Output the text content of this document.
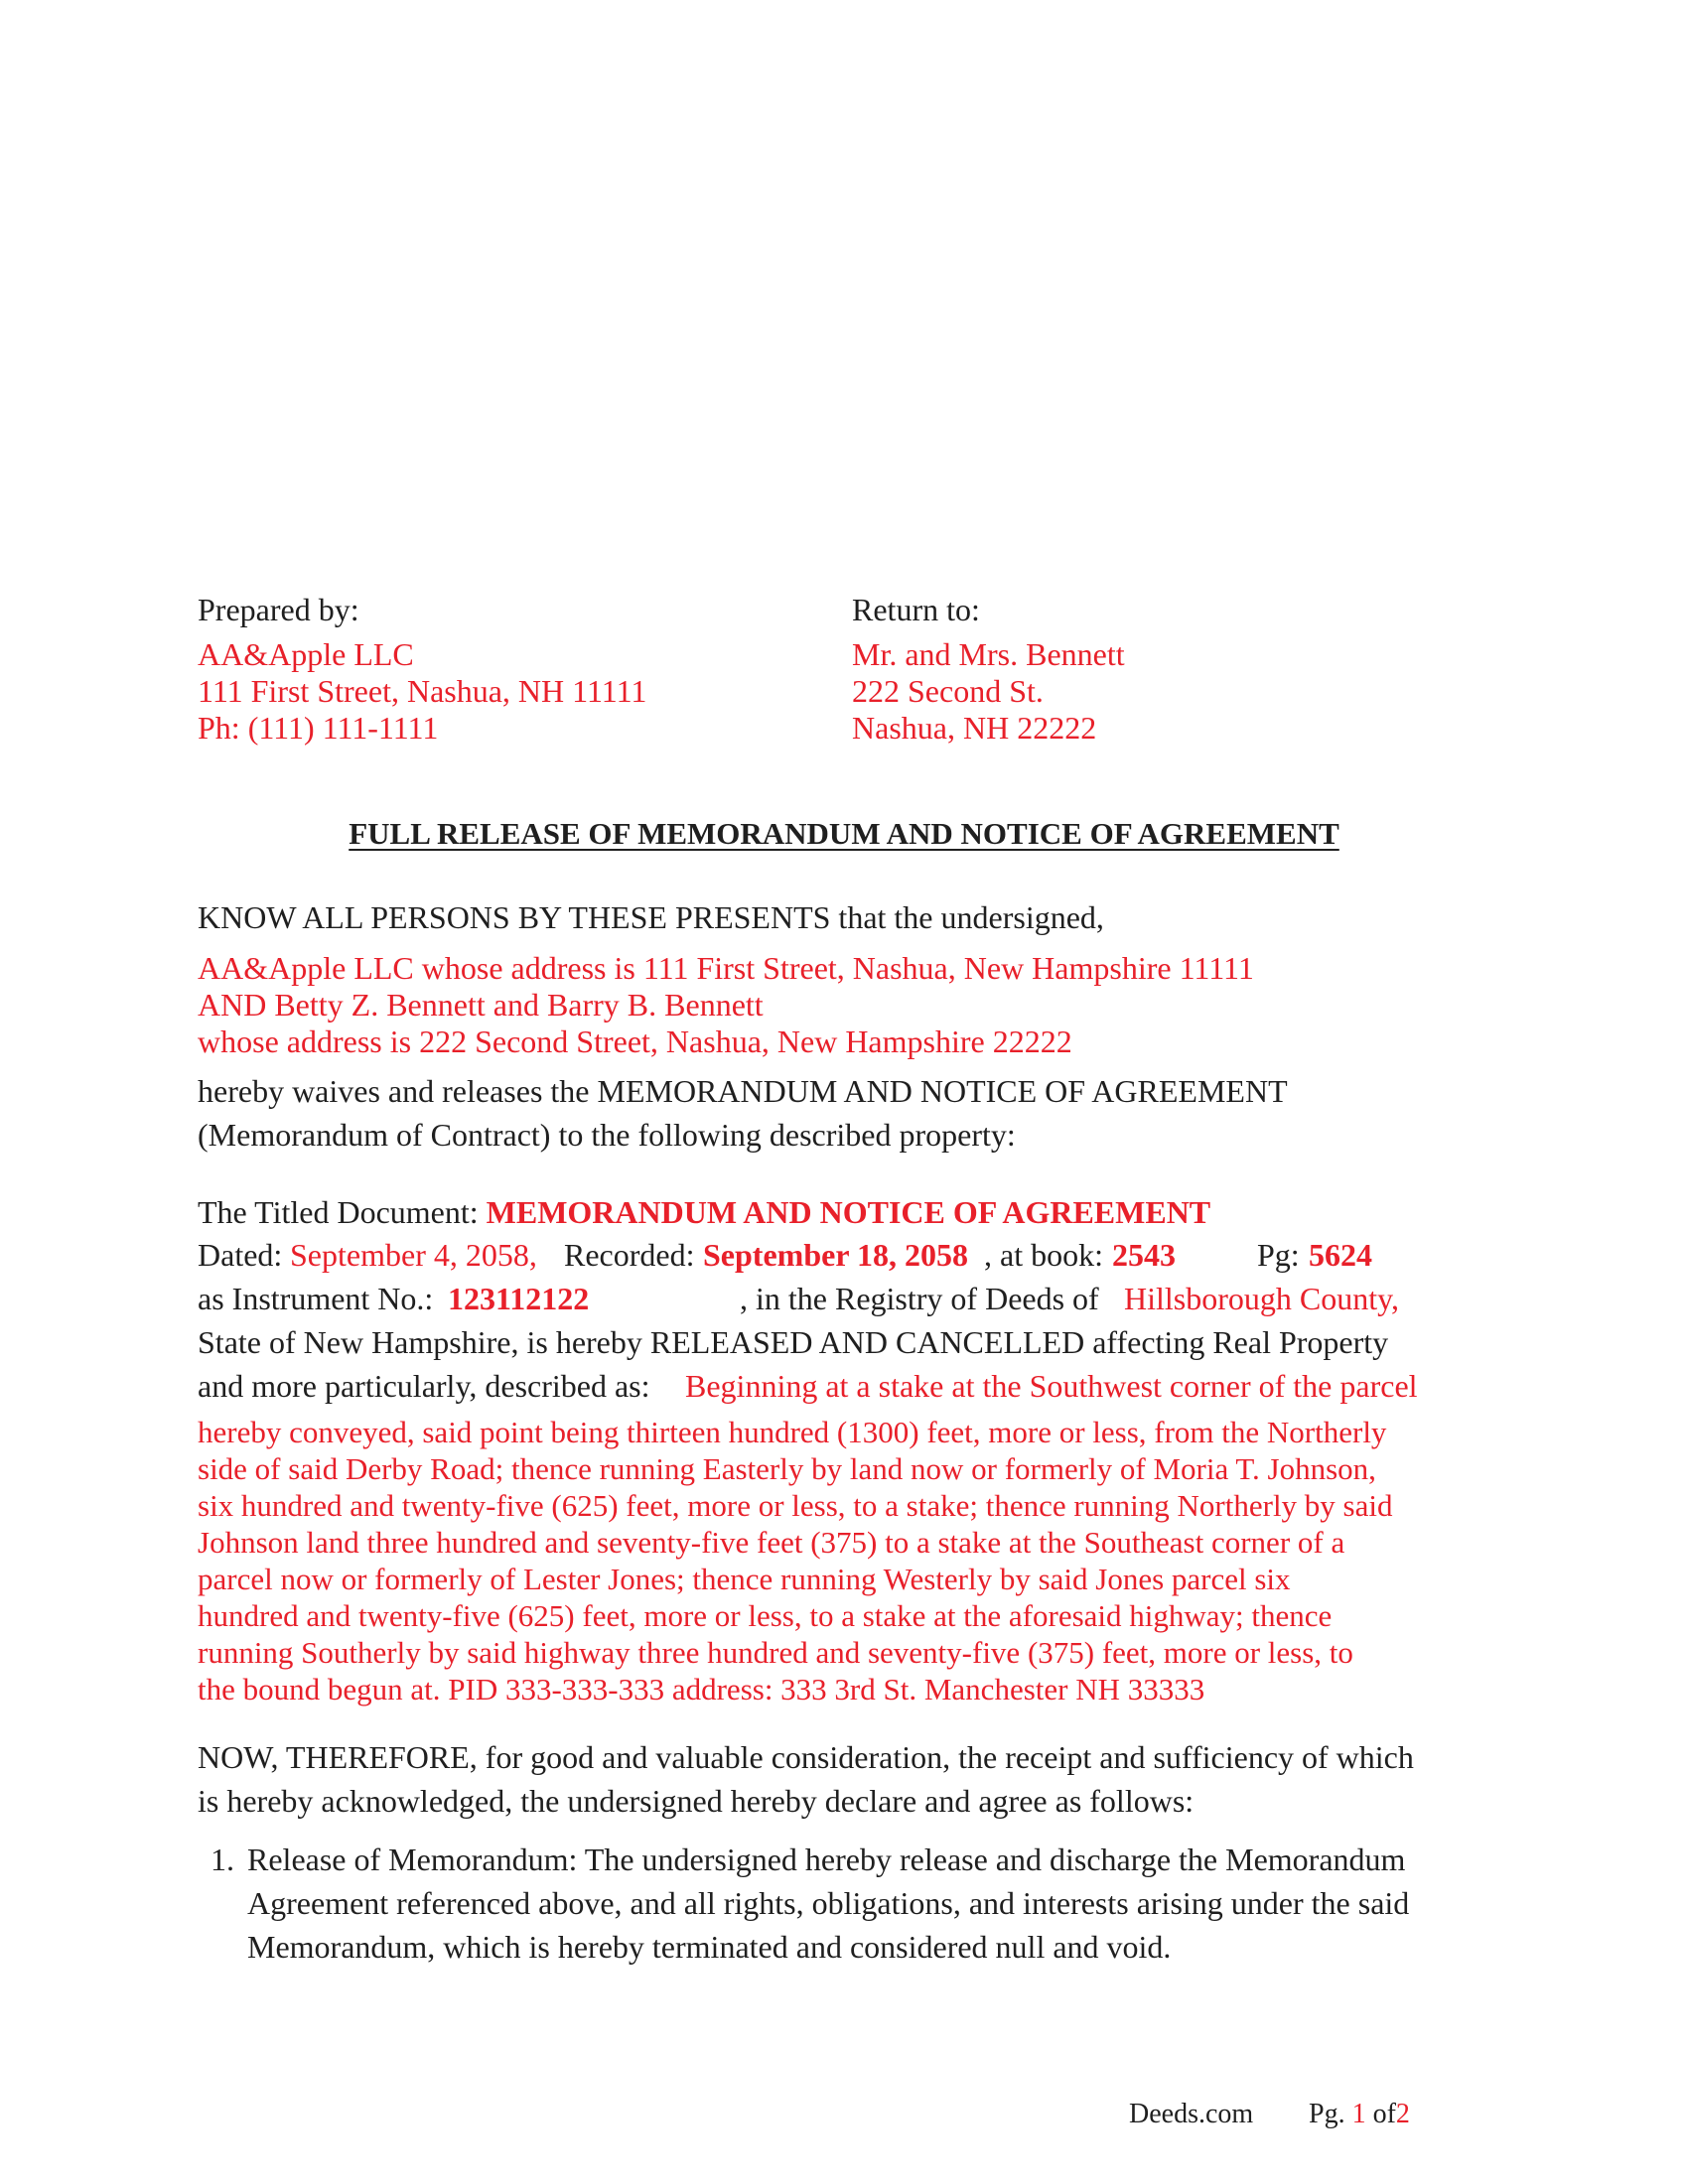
Prepared by:
AA&Apple LLC
111 First Street, Nashua, NH 11111
Ph: (111) 111-1111
Return to:
Mr. and Mrs. Bennett
222 Second St.
Nashua, NH 22222
FULL RELEASE OF MEMORANDUM AND NOTICE OF AGREEMENT
KNOW ALL PERSONS BY THESE PRESENTS that the undersigned,
AA&Apple LLC whose address is 111 First Street, Nashua, New Hampshire 11111
AND Betty Z. Bennett and Barry B. Bennett
whose address is 222 Second Street, Nashua, New Hampshire 22222
hereby waives and releases the MEMORANDUM AND NOTICE OF AGREEMENT
(Memorandum of Contract) to the following described property:
The Titled Document: MEMORANDUM AND NOTICE OF AGREEMENT
Dated: September 4, 2058, Recorded: September 18, 2058 , at book: 2543	Pg: 5624
as Instrument No.: 123112122	, in the Registry of Deeds of Hillsborough County,
State of New Hampshire, is hereby RELEASED AND CANCELLED affecting Real Property
and more particularly, described as: Beginning at a stake at the Southwest corner of the parcel
hereby conveyed, said point being thirteen hundred (1300) feet, more or less, from the Northerly
side of said Derby Road; thence running Easterly by land now or formerly of Moria T. Johnson,
six hundred and twenty-five (625) feet, more or less, to a stake; thence running Northerly by said
Johnson land three hundred and seventy-five feet (375) to a stake at the Southeast corner of a
parcel now or formerly of Lester Jones; thence running Westerly by said Jones parcel six
hundred and twenty-five (625) feet, more or less, to a stake at the aforesaid highway; thence
running Southerly by said highway three hundred and seventy-five (375) feet, more or less, to
the bound begun at. PID 333-333-333 address: 333 3rd St. Manchester NH 33333
NOW, THEREFORE, for good and valuable consideration, the receipt and sufficiency of which
is hereby acknowledged, the undersigned hereby declare and agree as follows:
1. Release of Memorandum: The undersigned hereby release and discharge the Memorandum
Agreement referenced above, and all rights, obligations, and interests arising under the said
Memorandum, which is hereby terminated and considered null and void.
Deeds.com Pg. 1 of2
